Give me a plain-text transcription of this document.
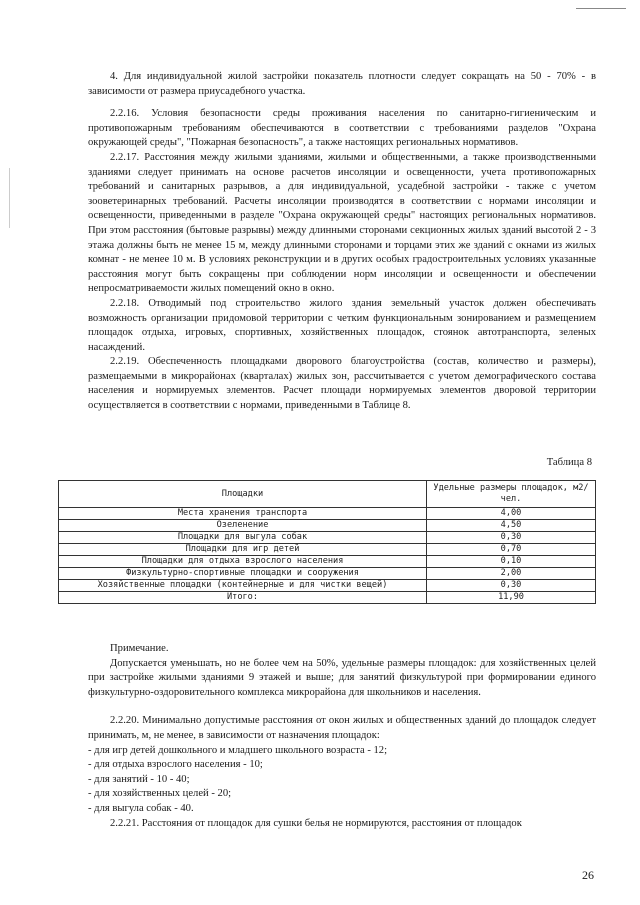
4. Для индивидуальной жилой застройки показатель плотности следует сокращать на 50 - 70% - в зависимости от размера приусадебного участка.

2.2.16. Условия безопасности среды проживания населения по санитарно-гигиеническим и противопожарным требованиям обеспечиваются в соответствии с требованиями разделов "Охрана окружающей среды", "Пожарная безопасность", а также настоящих региональных нормативов.

2.2.17. Расстояния между жилыми зданиями, жилыми и общественными, а также производственными зданиями следует принимать на основе расчетов инсоляции и освещенности, учета противопожарных требований и санитарных разрывов, а для индивидуальной, усадебной застройки - также с учетом зооветеринарных требований. Расчеты инсоляции производятся в соответствии с нормами инсоляции и освещенности, приведенными в разделе "Охрана окружающей среды" настоящих региональных нормативов. При этом расстояния (бытовые разрывы) между длинными сторонами секционных жилых зданий высотой 2 - 3 этажа должны быть не менее 15 м, между длинными сторонами и торцами этих же зданий с окнами из жилых комнат - не менее 10 м. В условиях реконструкции и в других особых градостроительных условиях указанные расстояния могут быть сокращены при соблюдении норм инсоляции и освещенности и обеспечении непросматриваемости жилых помещений окно в окно.

2.2.18. Отводимый под строительство жилого здания земельный участок должен обеспечивать возможность организации придомовой территории с четким функциональным зонированием и размещением площадок отдыха, игровых, спортивных, хозяйственных площадок, стоянок автотранспорта, зеленых насаждений.

2.2.19. Обеспеченность площадками дворового благоустройства (состав, количество и размеры), размещаемыми в микрорайонах (кварталах) жилых зон, рассчитывается с учетом демографического состава населения и нормируемых элементов. Расчет площади нормируемых элементов дворовой территории осуществляется в соответствии с нормами, приведенными в Таблице 8.

Таблица 8
Площадки	Удельные размеры площадок, м2/чел.
Места хранения транспорта	4,00
Озеленение	4,50
Площадки для выгула собак	0,30
Площадки для игр детей	0,70
Площадки для отдыха взрослого населения	0,10
Физкультурно-спортивные площадки и сооружения	2,00
Хозяйственные площадки (контейнерные и для чистки вещей)	0,30
Итого:	11,90

Примечание.

Допускается уменьшать, но не более чем на 50%, удельные размеры площадок: для хозяйственных целей при застройке жилыми зданиями 9 этажей и выше; для занятий физкультурой при формировании единого физкультурно-оздоровительного комплекса микрорайона для школьников и населения.

2.2.20. Минимально допустимые расстояния от окон жилых и общественных зданий до площадок следует принимать, м, не менее, в зависимости от назначения площадок:

- для игр детей дошкольного и младшего школьного возраста - 12;

- для отдыха взрослого населения - 10;

- для занятий - 10 - 40;

- для хозяйственных целей - 20;

- для выгула собак - 40.

2.2.21. Расстояния от площадок для сушки белья не нормируются, расстояния от площадок

26
